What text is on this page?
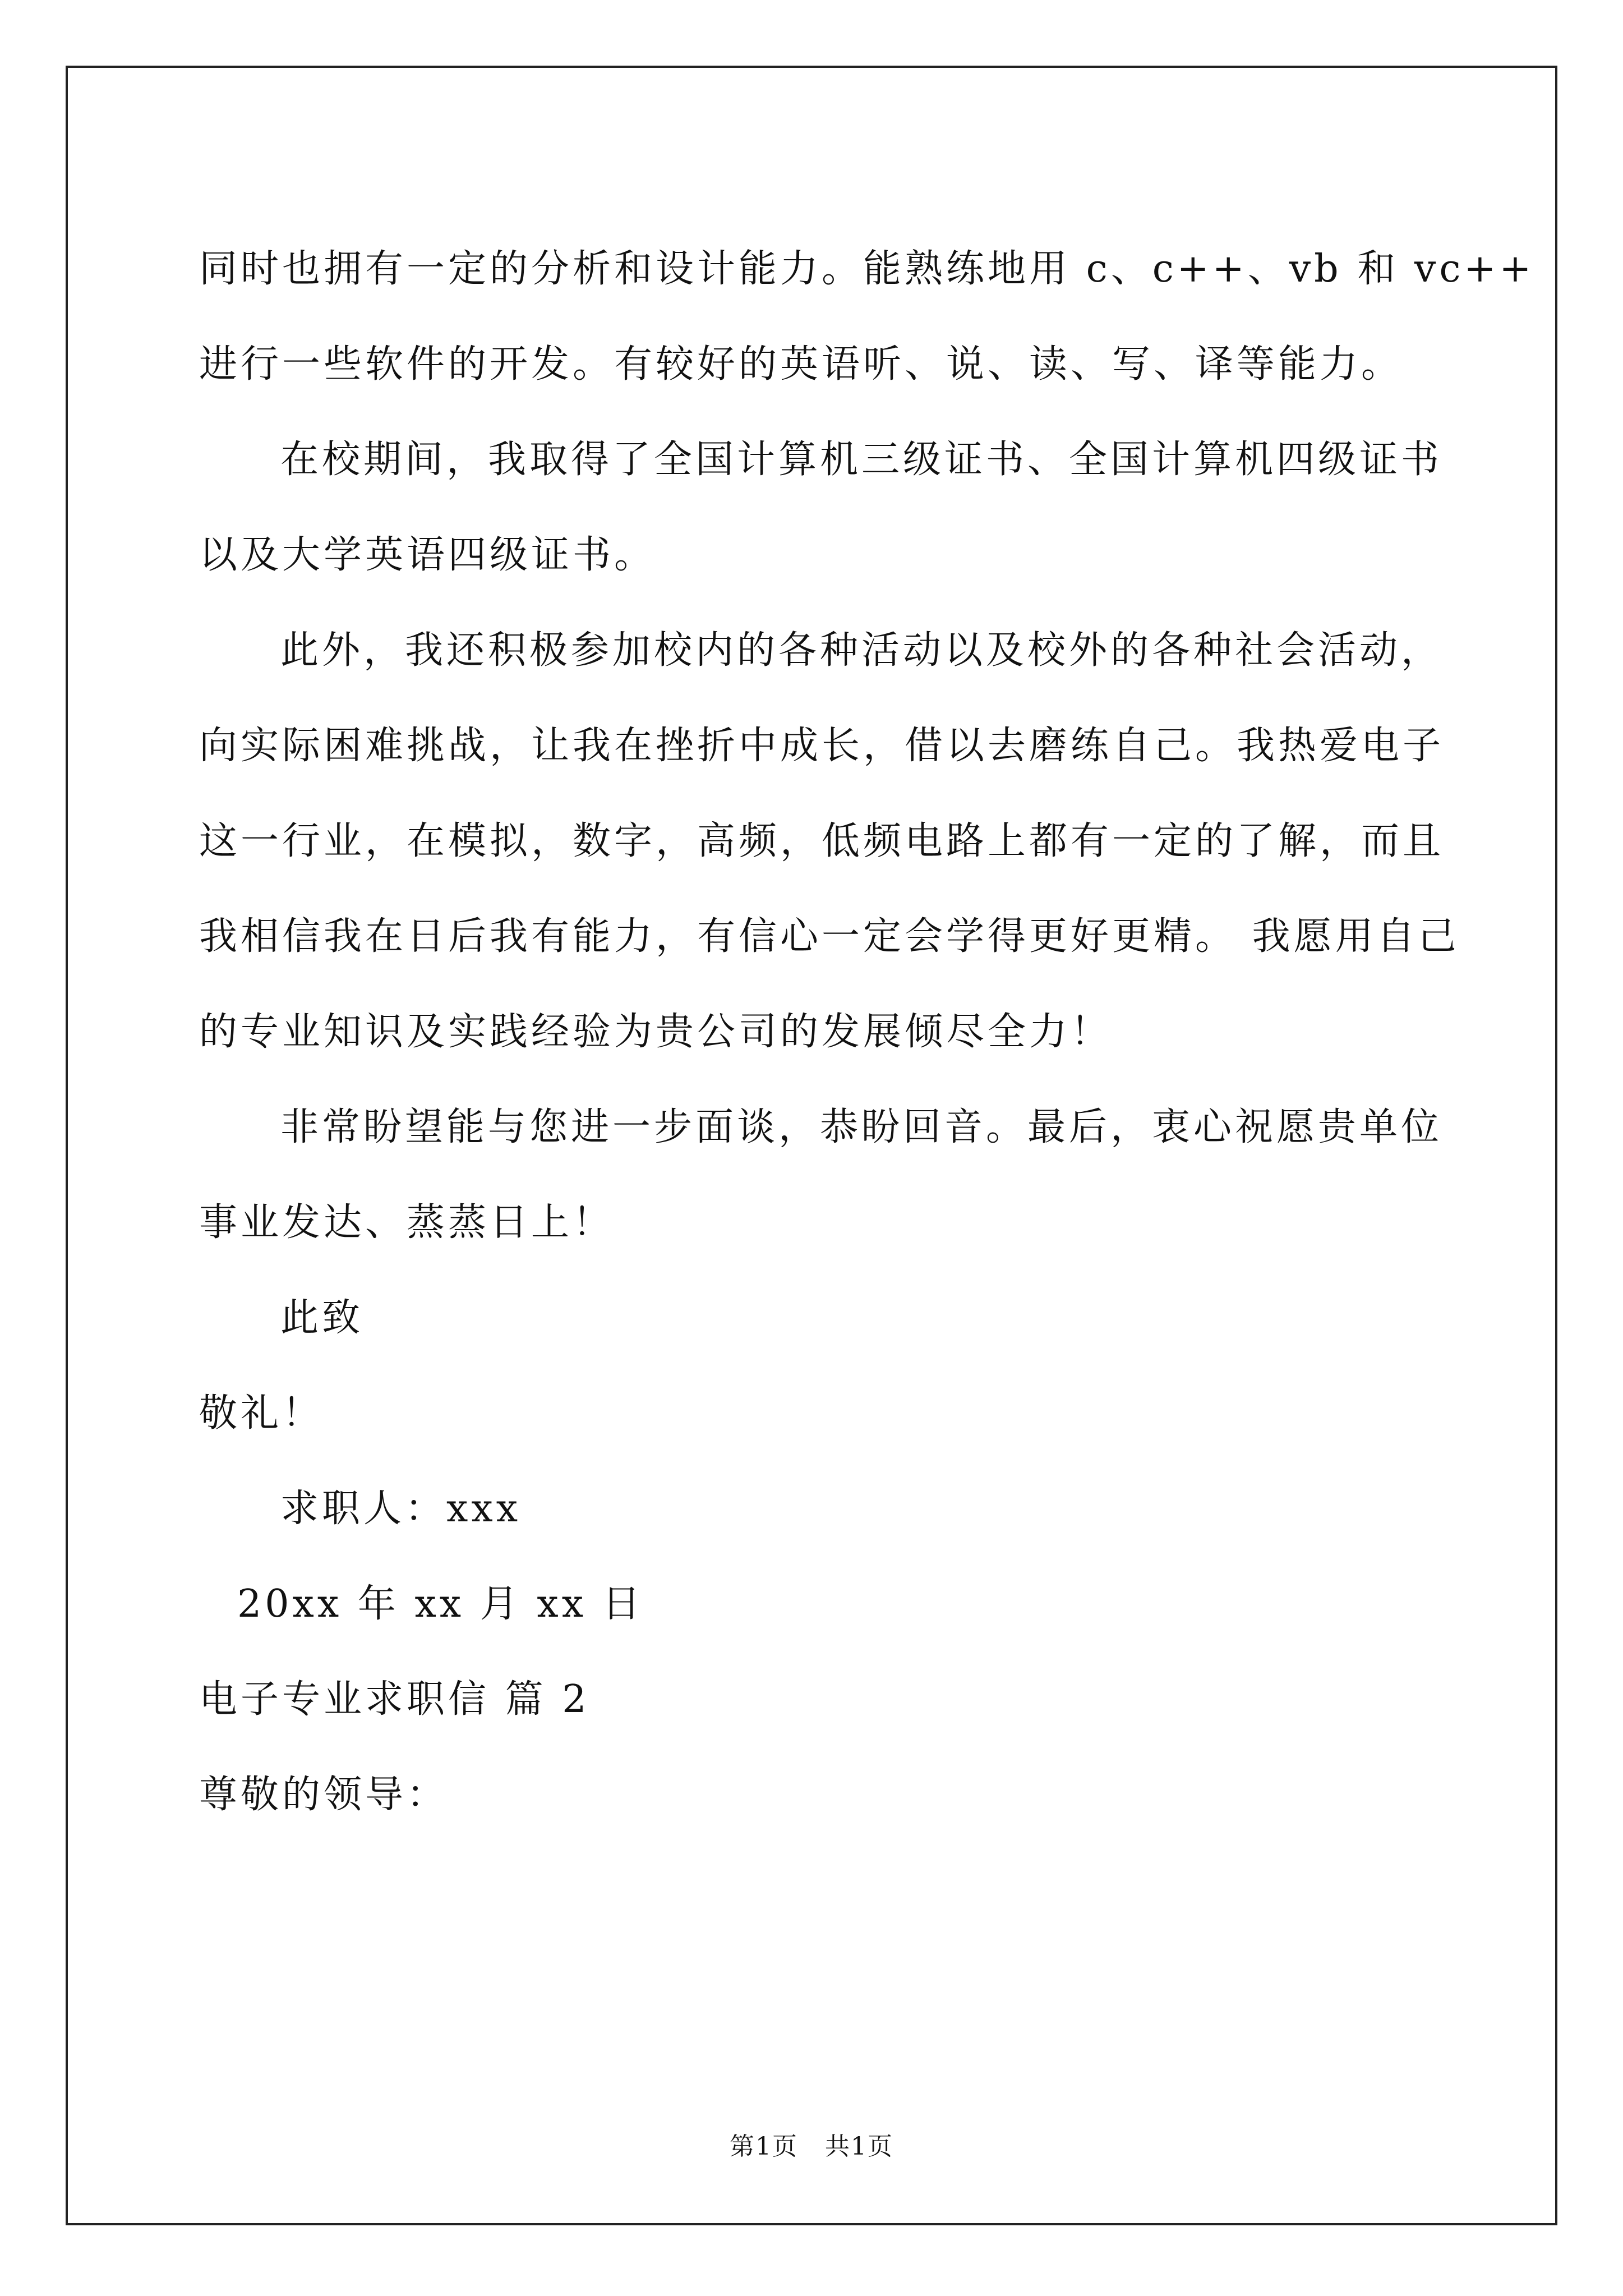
同时也拥有一定的分析和设计能力。能熟练地用 c、c++、vb 和 vc++
进行一些软件的开发。有较好的英语听、说、读、写、译等能力。
在校期间，我取得了全国计算机三级证书、全国计算机四级证书
以及大学英语四级证书。
此外，我还积极参加校内的各种活动以及校外的各种社会活动，
向实际困难挑战，让我在挫折中成长，借以去磨练自己。我热爱电子
这一行业，在模拟，数字，高频，低频电路上都有一定的了解，而且
我相信我在日后我有能力，有信心一定会学得更好更精。 我愿用自己
的专业知识及实践经验为贵公司的发展倾尽全力！
非常盼望能与您进一步面谈，恭盼回音。最后，衷心祝愿贵单位
事业发达、蒸蒸日上！
此致
敬礼！
求职人：xxx
20xx 年 xx 月 xx 日
电子专业求职信 篇 2
尊敬的领导：
第1页 共1页
